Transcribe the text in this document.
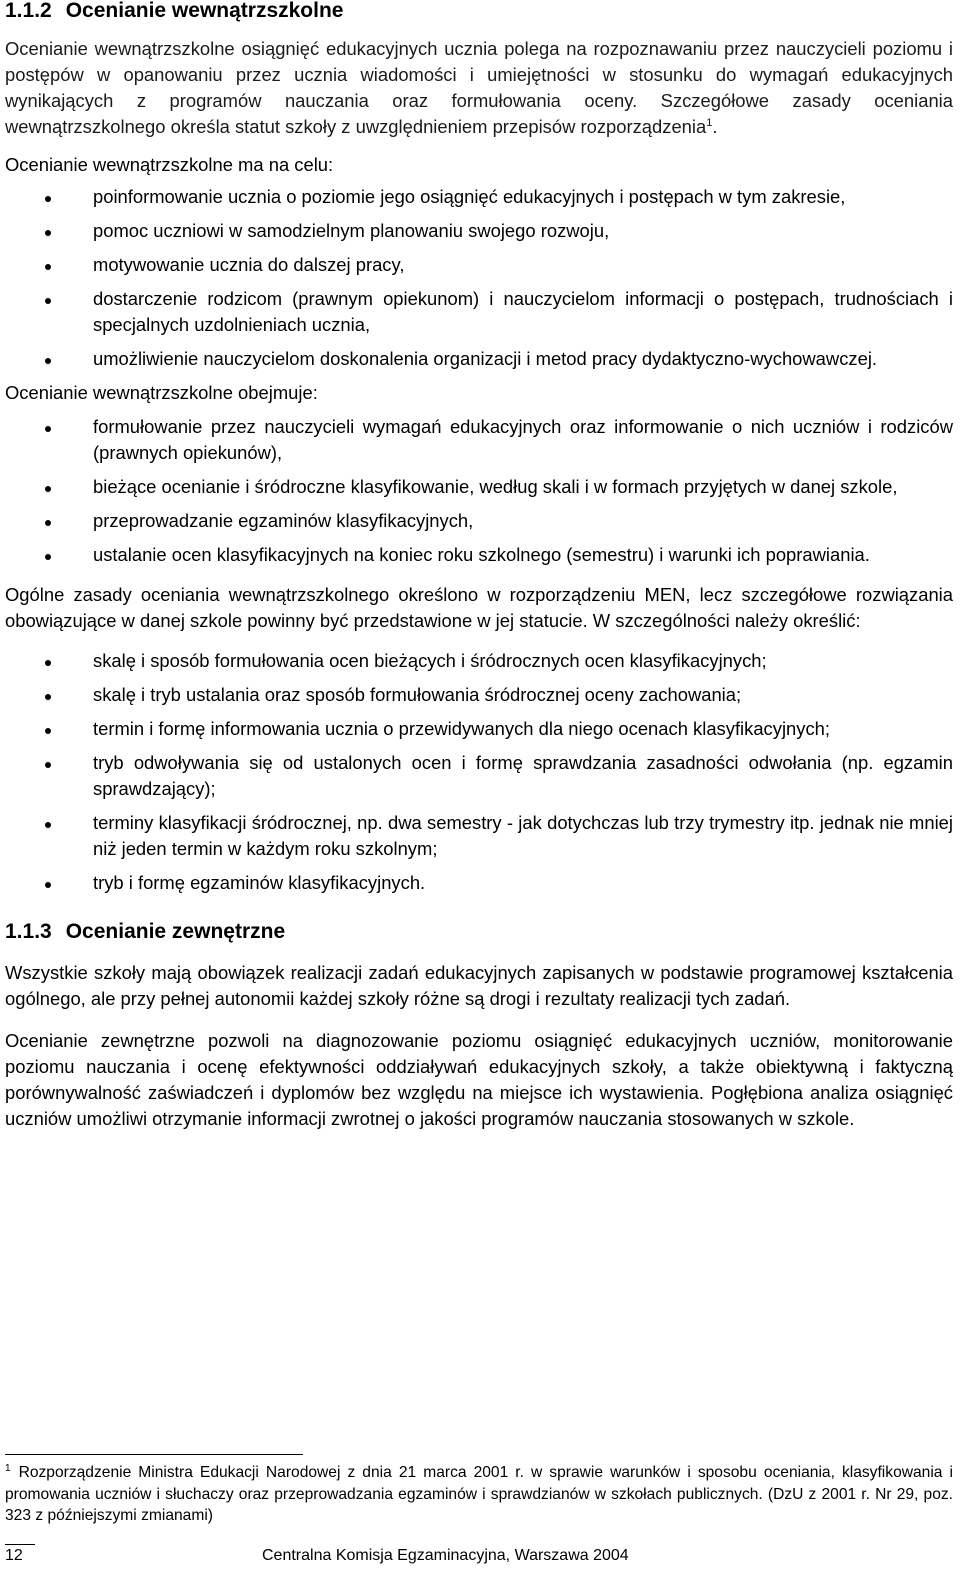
1.1.2 Ocenianie wewnątrzszkolne

Ocenianie wewnątrzszkolne osiągnięć edukacyjnych ucznia polega na rozpoznawaniu przez nauczycieli poziomu i postępów w opanowaniu przez ucznia wiadomości i umiejętności w stosunku do wymagań edukacyjnych wynikających z programów nauczania oraz formułowania oceny. Szczegółowe zasady oceniania wewnątrzszkolnego określa statut szkoły z uwzględnieniem przepisów rozporządzenia$^1$.

Ocenianie wewnątrzszkolne ma na celu:

poinformowanie ucznia o poziomie jego osiągnięć edukacyjnych i postępach w tym zakresie,
pomoc uczniowi w samodzielnym planowaniu swojego rozwoju,
motywowanie ucznia do dalszej pracy,
dostarczenie rodzicom (prawnym opiekunom) i nauczycielom informacji o postępach, trudnościach i specjalnych uzdolnieniach ucznia,
umożliwienie nauczycielom doskonalenia organizacji i metod pracy dydaktyczno-wychowawczej.

Ocenianie wewnątrzszkolne obejmuje:

formułowanie przez nauczycieli wymagań edukacyjnych oraz informowanie o nich uczniów i rodziców (prawnych opiekunów),
bieżące ocenianie i śródroczne klasyfikowanie, według skali i w formach przyjętych w danej szkole,
przeprowadzanie egzaminów klasyfikacyjnych,
ustalanie ocen klasyfikacyjnych na koniec roku szkolnego (semestru) i warunki ich poprawiania.

Ogólne zasady oceniania wewnątrzszkolnego określono w rozporządzeniu MEN, lecz szczegółowe rozwiązania obowiązujące w danej szkole powinny być przedstawione w jej statucie. W szczególności należy określić:

skalę i sposób formułowania ocen bieżących i śródrocznych ocen klasyfikacyjnych;
skalę i tryb ustalania oraz sposób formułowania śródrocznej oceny zachowania;
termin i formę informowania ucznia o przewidywanych dla niego ocenach klasyfikacyjnych;
tryb odwoływania się od ustalonych ocen i formę sprawdzania zasadności odwołania (np. egzamin sprawdzający);
terminy klasyfikacji śródrocznej, np. dwa semestry - jak dotychczas lub trzy trymestry itp. jednak nie mniej niż jeden termin w każdym roku szkolnym;
tryb i formę egzaminów klasyfikacyjnych.
1.1.3 Ocenianie zewnętrzne

Wszystkie szkoły mają obowiązek realizacji zadań edukacyjnych zapisanych w podstawie programowej kształcenia ogólnego, ale przy pełnej autonomii każdej szkoły różne są drogi i rezultaty realizacji tych zadań.

Ocenianie zewnętrzne pozwoli na diagnozowanie poziomu osiągnięć edukacyjnych uczniów, monitorowanie poziomu nauczania i ocenę efektywności oddziaływań edukacyjnych szkoły, a także obiektywną i faktyczną porównywalność zaświadczeń i dyplomów bez względu na miejsce ich wystawienia. Pogłębiona analiza osiągnięć uczniów umożliwi otrzymanie informacji zwrotnej o jakości programów nauczania stosowanych w szkole.

$^1$ Rozporządzenie Ministra Edukacji Narodowej z dnia 21 marca 2001 r. w sprawie warunków i sposobu oceniania, klasyfikowania i promowania uczniów i słuchaczy oraz przeprowadzania egzaminów i sprawdzianów w szkołach publicznych. (DzU z 2001 r. Nr 29, poz. 323 z późniejszymi zmianami)
12	Centralna Komisja Egzaminacyjna, Warszawa 2004
